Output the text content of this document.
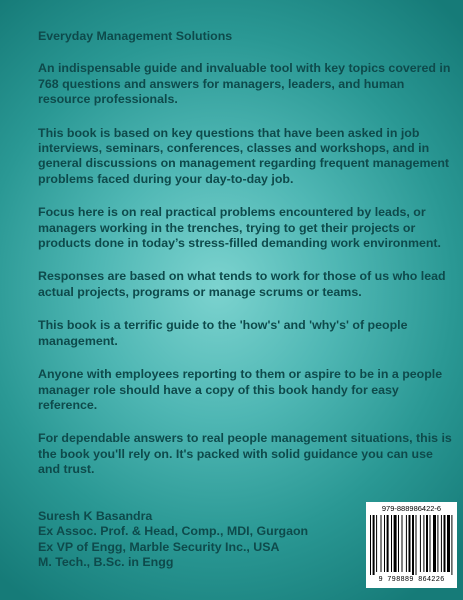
Everyday Management Solutions

An indispensable guide and invaluable tool with key topics covered in 768 questions and answers for managers, leaders, and human resource professionals.

This book is based on key questions that have been asked in job interviews, seminars, conferences, classes and workshops, and in general discussions on management regarding frequent management problems faced during your day-to-day job.

Focus here is on real practical problems encountered by leads, or managers working in the trenches, trying to get their projects or products done in today’s stress-filled demanding work environment.

Responses are based on what tends to work for those of us who lead actual projects, programs or manage scrums or teams.

This book is a terrific guide to the 'how's' and 'why's' of people management.

Anyone with employees reporting to them or aspire to be in a people manager role should have a copy of this book handy for easy reference.

For dependable answers to real people management situations, this is the book you'll rely on. It's packed with solid guidance you can use and trust.

Suresh K Basandra
Ex Assoc. Prof. & Head, Comp., MDI, Gurgaon
Ex VP of Engg, Marble Security Inc., USA
M. Tech., B.Sc. in Engg
979-888986422-6
9 798889 864226
